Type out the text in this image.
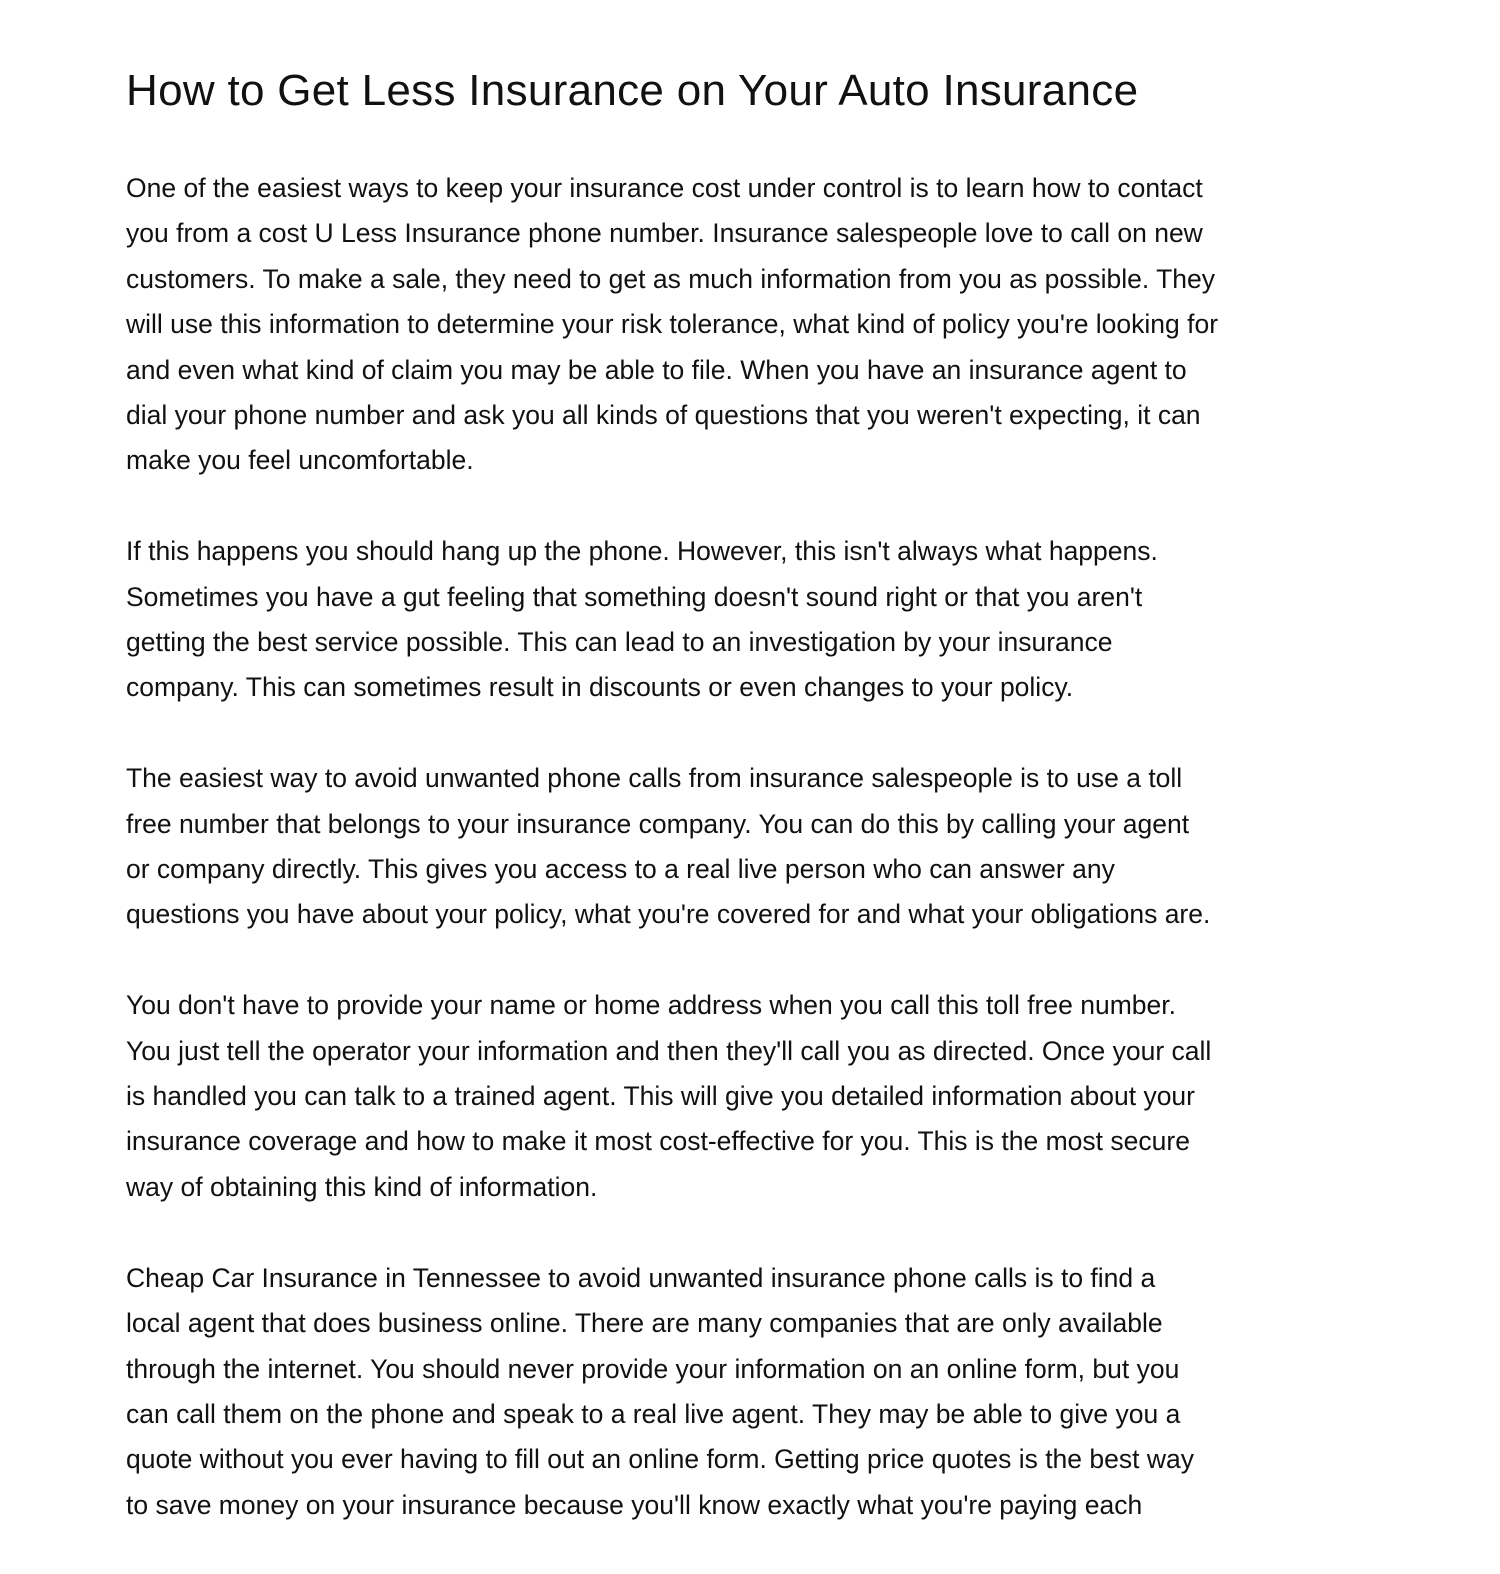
How to Get Less Insurance on Your Auto Insurance

One of the easiest ways to keep your insurance cost under control is to learn how to contact
you from a cost U Less Insurance phone number. Insurance salespeople love to call on new
customers. To make a sale, they need to get as much information from you as possible. They
will use this information to determine your risk tolerance, what kind of policy you're looking for
and even what kind of claim you may be able to file. When you have an insurance agent to
dial your phone number and ask you all kinds of questions that you weren't expecting, it can
make you feel uncomfortable.

If this happens you should hang up the phone. However, this isn't always what happens.
Sometimes you have a gut feeling that something doesn't sound right or that you aren't
getting the best service possible. This can lead to an investigation by your insurance
company. This can sometimes result in discounts or even changes to your policy.

The easiest way to avoid unwanted phone calls from insurance salespeople is to use a toll
free number that belongs to your insurance company. You can do this by calling your agent
or company directly. This gives you access to a real live person who can answer any
questions you have about your policy, what you're covered for and what your obligations are.

You don't have to provide your name or home address when you call this toll free number.
You just tell the operator your information and then they'll call you as directed. Once your call
is handled you can talk to a trained agent. This will give you detailed information about your
insurance coverage and how to make it most cost-effective for you. This is the most secure
way of obtaining this kind of information.

Cheap Car Insurance in Tennessee to avoid unwanted insurance phone calls is to find a
local agent that does business online. There are many companies that are only available
through the internet. You should never provide your information on an online form, but you
can call them on the phone and speak to a real live agent. They may be able to give you a
quote without you ever having to fill out an online form. Getting price quotes is the best way
to save money on your insurance because you'll know exactly what you're paying each
